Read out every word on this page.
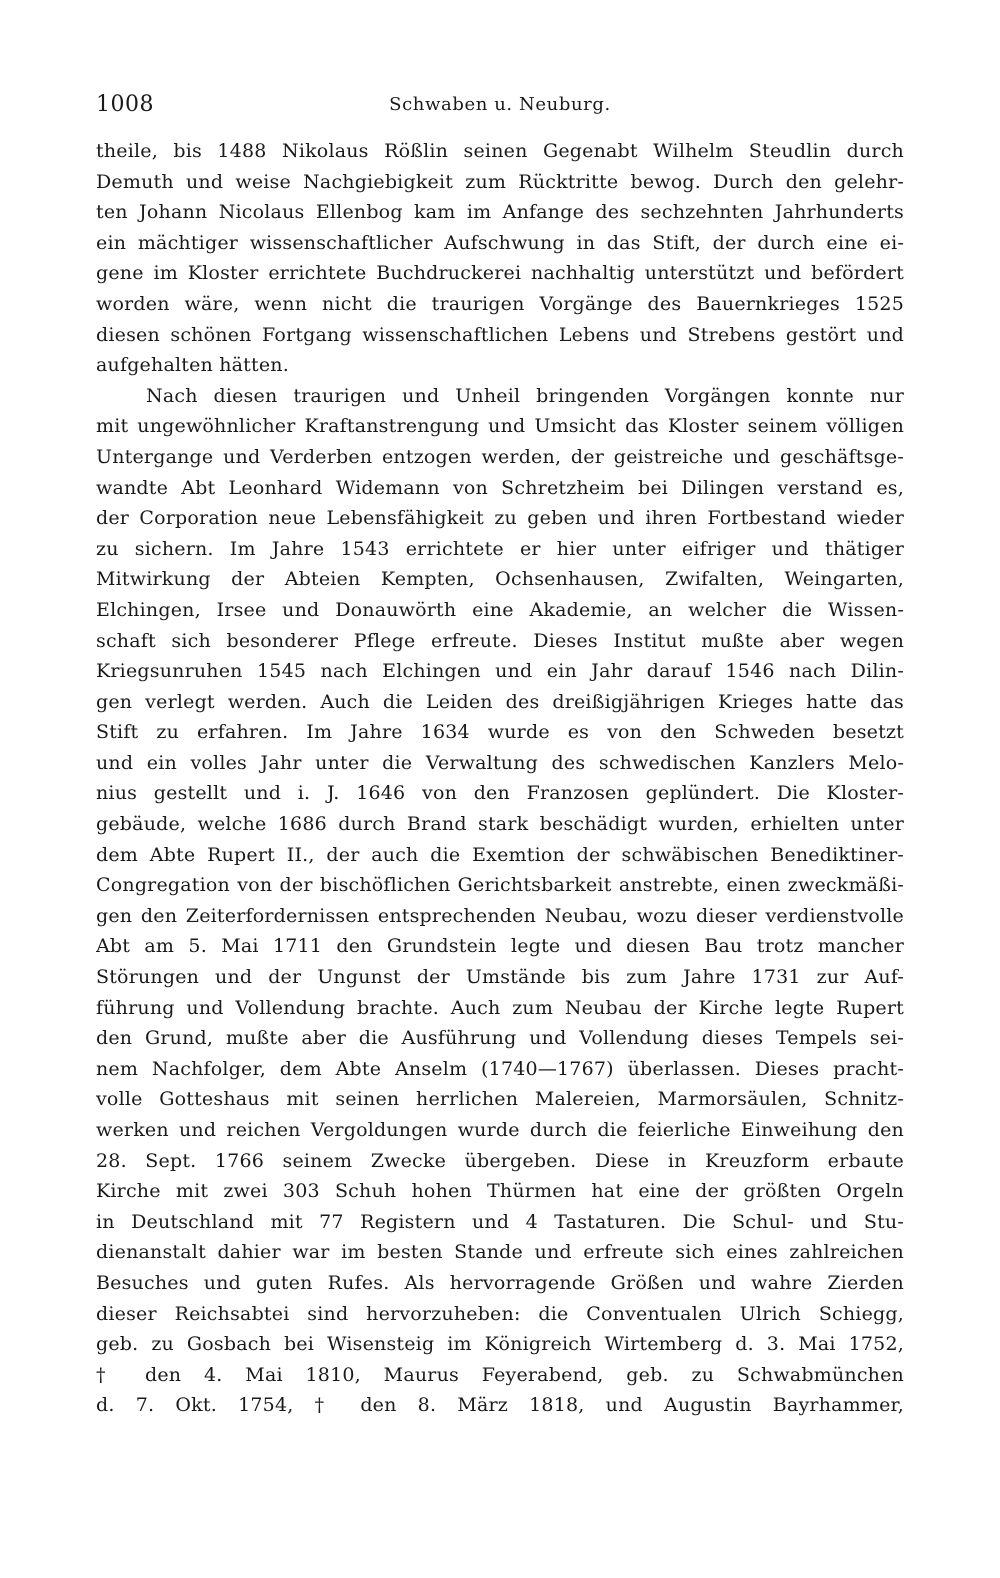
1008	Schwaben u. Neuburg.
theile, bis 1488 Nikolaus Rößlin seinen Gegenabt Wilhelm Steudlin durch
Demuth und weise Nachgiebigkeit zum Rücktritte bewog. Durch den gelehr-
ten Johann Nicolaus Ellenbog kam im Anfange des sechzehnten Jahrhunderts
ein mächtiger wissenschaftlicher Aufschwung in das Stift, der durch eine ei-
gene im Kloster errichtete Buchdruckerei nachhaltig unterstützt und befördert
worden wäre, wenn nicht die traurigen Vorgänge des Bauernkrieges 1525
diesen schönen Fortgang wissenschaftlichen Lebens und Strebens gestört und
aufgehalten hätten.
Nach diesen traurigen und Unheil bringenden Vorgängen konnte nur
mit ungewöhnlicher Kraftanstrengung und Umsicht das Kloster seinem völligen
Untergange und Verderben entzogen werden, der geistreiche und geschäftsge-
wandte Abt Leonhard Widemann von Schretzheim bei Dilingen verstand es,
der Corporation neue Lebensfähigkeit zu geben und ihren Fortbestand wieder
zu sichern. Im Jahre 1543 errichtete er hier unter eifriger und thätiger
Mitwirkung der Abteien Kempten, Ochsenhausen, Zwifalten, Weingarten,
Elchingen, Irsee und Donauwörth eine Akademie, an welcher die Wissen-
schaft sich besonderer Pflege erfreute. Dieses Institut mußte aber wegen
Kriegsunruhen 1545 nach Elchingen und ein Jahr darauf 1546 nach Dilin-
gen verlegt werden. Auch die Leiden des dreißigjährigen Krieges hatte das
Stift zu erfahren. Im Jahre 1634 wurde es von den Schweden besetzt
und ein volles Jahr unter die Verwaltung des schwedischen Kanzlers Melo-
nius gestellt und i. J. 1646 von den Franzosen geplündert. Die Kloster-
gebäude, welche 1686 durch Brand stark beschädigt wurden, erhielten unter
dem Abte Rupert II., der auch die Exemtion der schwäbischen Benediktiner-
Congregation von der bischöflichen Gerichtsbarkeit anstrebte, einen zweckmäßi-
gen den Zeiterfordernissen entsprechenden Neubau, wozu dieser verdienstvolle
Abt am 5. Mai 1711 den Grundstein legte und diesen Bau trotz mancher
Störungen und der Ungunst der Umstände bis zum Jahre 1731 zur Auf-
führung und Vollendung brachte. Auch zum Neubau der Kirche legte Rupert
den Grund, mußte aber die Ausführung und Vollendung dieses Tempels sei-
nem Nachfolger, dem Abte Anselm (1740—1767) überlassen. Dieses pracht-
volle Gotteshaus mit seinen herrlichen Malereien, Marmorsäulen, Schnitz-
werken und reichen Vergoldungen wurde durch die feierliche Einweihung den
28. Sept. 1766 seinem Zwecke übergeben. Diese in Kreuzform erbaute
Kirche mit zwei 303 Schuh hohen Thürmen hat eine der größten Orgeln
in Deutschland mit 77 Registern und 4 Tastaturen. Die Schul- und Stu-
dienanstalt dahier war im besten Stande und erfreute sich eines zahlreichen
Besuches und guten Rufes. Als hervorragende Größen und wahre Zierden
dieser Reichsabtei sind hervorzuheben: die Conventualen Ulrich Schiegg,
geb. zu Gosbach bei Wisensteig im Königreich Wirtemberg d. 3. Mai 1752,
† den 4. Mai 1810, Maurus Feyerabend, geb. zu Schwabmünchen
d. 7. Okt. 1754, † den 8. März 1818, und Augustin Bayrhammer,
